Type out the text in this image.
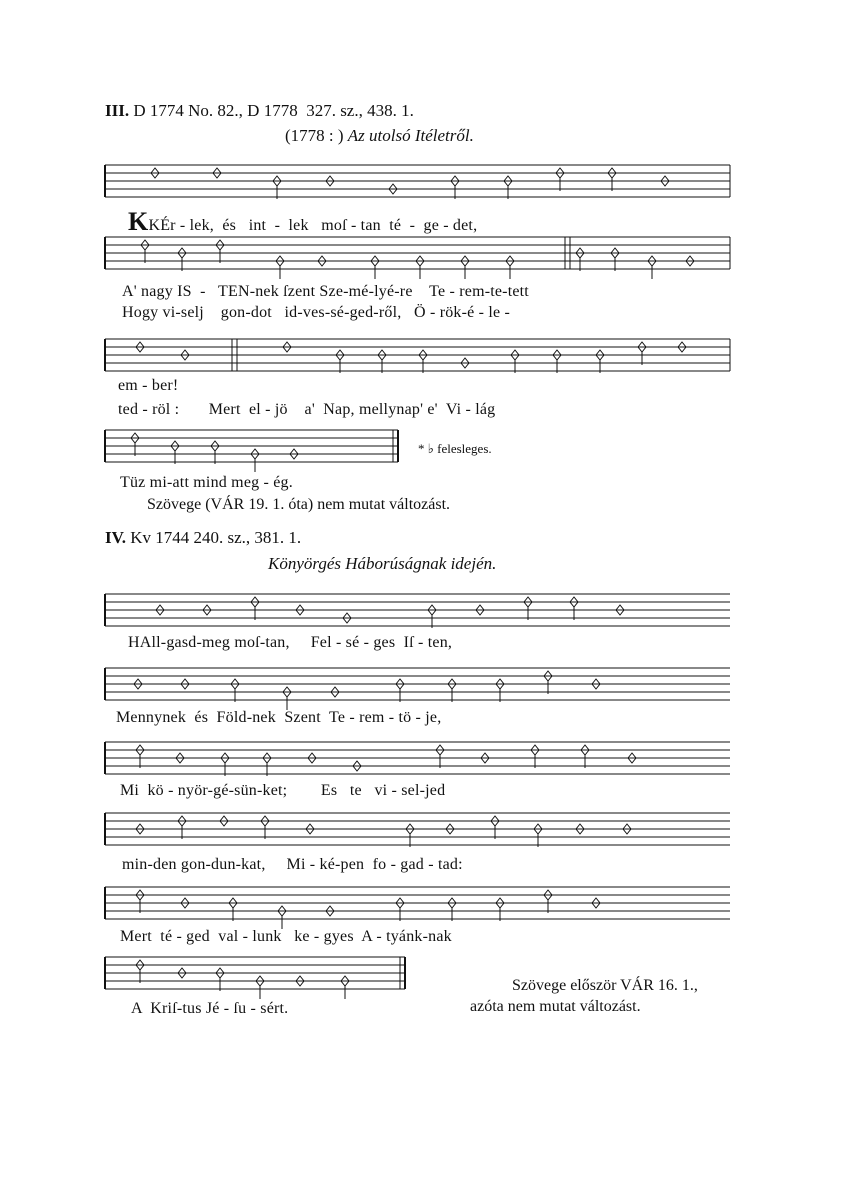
III. D 1774 No. 82., D 1778  327. sz., 438. 1.
(1778 : ) Az utolsó Itéletről.
KKÉr - lek,  és   int  -  lek   moſ - tan  té  -  ge - det,
A' nagy IS  -   TEN-nek ſzent Sze-mé-lyé-re    Te - rem-te-tett
Hogy vi-selj    gon-dot   id-ves-sé-ged-ről,   Ö - rök-é - le -
em - ber!
ted - röl :       Mert  el - jö    a'  Nap, mellynap' e'  Vi - lág
Tüz mi-att mind meg - ég.
* ♭ felesleges.
Szövege (VÁR 19. 1. óta) nem mutat változást.
IV. Kv 1744 240. sz., 381. 1.
Könyörgés Háborúságnak idején.
HAll-gasd-meg moſ-tan,     Fel - sé - ges  Iſ - ten,
Mennynek  és  Föld-nek  Szent  Te - rem - tö - je,
Mi  kö - nyör-gé-sün-ket;        Es   te   vi - sel-jed
min-den gon-dun-kat,     Mi - ké-pen  fo - gad - tad:
Mert  té - ged  val - lunk   ke - gyes  A - tyánk-nak
A  Kriſ-tus Jé - ſu - sért.
Szövege először VÁR 16. 1.,
azóta nem mutat változást.
